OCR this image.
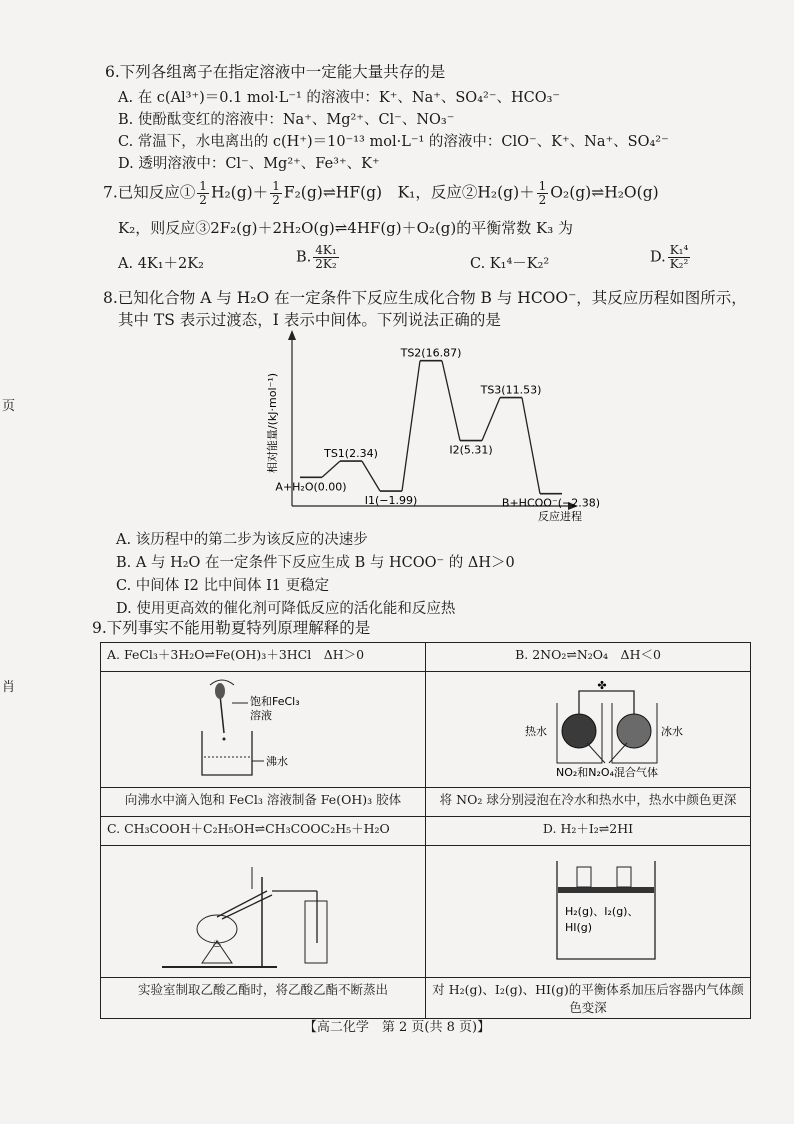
页
肖
6.下列各组离子在指定溶液中一定能大量共存的是
A. 在 c(Al³⁺)＝0.1 mol·L⁻¹ 的溶液中：K⁺、Na⁺、SO₄²⁻、HCO₃⁻
B. 使酚酞变红的溶液中：Na⁺、Mg²⁺、Cl⁻、NO₃⁻
C. 常温下，水电离出的 c(H⁺)＝10⁻¹³ mol·L⁻¹ 的溶液中：ClO⁻、K⁺、Na⁺、SO₄²⁻
D. 透明溶液中：Cl⁻、Mg²⁺、Fe³⁺、K⁺
7.已知反应① $\frac{1}{2} H_2(g)+ \frac{1}{2}$ F₂(g)⇌HF(g)　K₁，反应②H₂(g)＋ $\frac{1}{2}$ O₂(g)⇌H₂O(g)
K₂，则反应③2F₂(g)＋2H₂O(g)⇌4HF(g)＋O₂(g)的平衡常数 K₃ 为
A. 4K₁＋2K₂	B. $\frac{\text{4K₁}}{\text{2K₂}}$	C. K₁⁴－K₂²	D. $\frac{\text{K₁⁴}}{\text{K₂²}}$
8.已知化合物 A 与 H₂O 在一定条件下反应生成化合物 B 与 HCOO⁻，其反应历程如图所示，
其中 TS 表示过渡态，I 表示中间体。下列说法正确的是
相对能量/(kJ·mol⁻¹)
反应进程
A+H₂O(0.00)
TS1(2.34)
I1(−1.99)
TS2(16.87)
I2(5.31)
TS3(11.53)
B+HCOO⁻(−2.38)
A. 该历程中的第二步为该反应的决速步
B. A 与 H₂O 在一定条件下反应生成 B 与 HCOO⁻ 的 ΔH＞0
C. 中间体 I2 比中间体 I1 更稳定
D. 使用更高效的催化剂可降低反应的活化能和反应热
9.下列事实不能用勒夏特列原理解释的是
A. FeCl₃＋3H₂O⇌Fe(OH)₃＋3HCl　ΔH＞0	B. 2NO₂⇌N₂O₄　ΔH＜0

饱和FeCl₃
溶液
沸水	✤
热水 冰水
NO₂和N₂O₄混合气体

向沸水中滴入饱和 FeCl₃ 溶液制备 Fe(OH)₃ 胶体	将 NO₂ 球分别浸泡在冷水和热水中，热水中颜色更深
C. CH₃COOH＋C₂H₅OH⇌CH₃COOC₂H₅＋H₂O	D. H₂＋I₂⇌2HI

♨	H₂(g)、I₂(g)、
HI(g)

实验室制取乙酸乙酯时，将乙酸乙酯不断蒸出	对 H₂(g)、I₂(g)、HI(g)的平衡体系加压后容器内气体颜色变深
【高二化学　第 2 页(共 8 页)】
